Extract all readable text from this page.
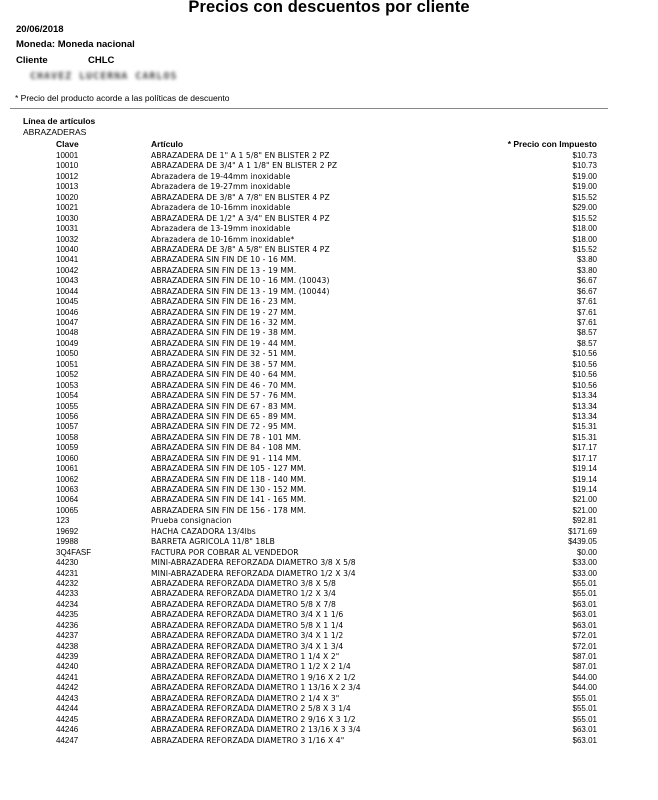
Precios con descuentos por cliente
20/06/2018
Moneda: Moneda nacional
Cliente	CHLC
CHAVEZ LUCERNA CARLOS
* Precio del producto acorde a las políticas de descuento
Línea de artículos
ABRAZADERAS
Clave	Artículo	* Precio con Impuesto
10001	ABRAZADERA DE 1" A 1 5/8" EN BLISTER 2 PZ	$10.73
10010	ABRAZADERA DE 3/4" A 1 1/8" EN BLISTER 2 PZ	$10.73
10012	Abrazadera de 19-44mm inoxidable	$19.00
10013	Abrazadera de 19-27mm inoxidable	$19.00
10020	ABRAZADERA DE 3/8" A 7/8" EN BLISTER 4 PZ	$15.52
10021	Abrazadera de 10-16mm inoxidable	$29.00
10030	ABRAZADERA DE 1/2" A 3/4" EN BLISTER 4 PZ	$15.52
10031	Abrazadera de 13-19mm inoxidable	$18.00
10032	Abrazadera de 10-16mm inoxidable*	$18.00
10040	ABRAZADERA DE 3/8" A 5/8" EN BLISTER 4 PZ	$15.52
10041	ABRAZADERA SIN FIN DE 10 - 16 MM.	$3.80
10042	ABRAZADERA SIN FIN DE 13 - 19 MM.	$3.80
10043	ABRAZADERA SIN FIN DE 10 - 16 MM. (10043)	$6.67
10044	ABRAZADERA SIN FIN DE 13 - 19 MM. (10044)	$6.67
10045	ABRAZADERA SIN FIN DE 16 - 23 MM.	$7.61
10046	ABRAZADERA SIN FIN DE 19 - 27 MM.	$7.61
10047	ABRAZADERA SIN FIN DE 16 - 32 MM.	$7.61
10048	ABRAZADERA SIN FIN DE 19 - 38 MM.	$8.57
10049	ABRAZADERA SIN FIN DE 19 - 44 MM.	$8.57
10050	ABRAZADERA SIN FIN DE 32 - 51 MM.	$10.56
10051	ABRAZADERA SIN FIN DE 38 - 57 MM.	$10.56
10052	ABRAZADERA SIN FIN DE 40 - 64 MM.	$10.56
10053	ABRAZADERA SIN FIN DE 46 - 70 MM.	$10.56
10054	ABRAZADERA SIN FIN DE 57 - 76 MM.	$13.34
10055	ABRAZADERA SIN FIN DE 67 - 83 MM.	$13.34
10056	ABRAZADERA SIN FIN DE 65 - 89 MM.	$13.34
10057	ABRAZADERA SIN FIN DE 72 - 95 MM.	$15.31
10058	ABRAZADERA SIN FIN DE 78 - 101 MM.	$15.31
10059	ABRAZADERA SIN FIN DE 84 - 108 MM.	$17.17
10060	ABRAZADERA SIN FIN DE 91 - 114 MM.	$17.17
10061	ABRAZADERA SIN FIN DE 105 - 127 MM.	$19.14
10062	ABRAZADERA SIN FIN DE 118 - 140 MM.	$19.14
10063	ABRAZADERA SIN FIN DE 130 - 152 MM.	$19.14
10064	ABRAZADERA SIN FIN DE 141 - 165 MM.	$21.00
10065	ABRAZADERA SIN FIN DE 156 - 178 MM.	$21.00
123	Prueba consignacion	$92.81
19692	HACHA CAZADORA 13/4lbs	$171.69
19988	BARRETA AGRICOLA 11/8" 18LB	$439.05
3Q4FASF	FACTURA POR COBRAR AL VENDEDOR	$0.00
44230	MINI-ABRAZADERA REFORZADA DIAMETRO 3/8 X 5/8	$33.00
44231	MINI-ABRAZADERA REFORZADA DIAMETRO 1/2 X 3/4	$33.00
44232	ABRAZADERA REFORZADA DIAMETRO 3/8 X 5/8	$55.01
44233	ABRAZADERA REFORZADA DIAMETRO 1/2 X 3/4	$55.01
44234	ABRAZADERA REFORZADA DIAMETRO 5/8 X 7/8	$63.01
44235	ABRAZADERA REFORZADA DIAMETRO 3/4 X 1 1/6	$63.01
44236	ABRAZADERA REFORZADA DIAMETRO 5/8 X 1 1/4	$63.01
44237	ABRAZADERA REFORZADA DIAMETRO 3/4 X 1 1/2	$72.01
44238	ABRAZADERA REFORZADA DIAMETRO 3/4 X 1 3/4	$72.01
44239	ABRAZADERA REFORZADA DIAMETRO 1 1/4 X 2"	$87.01
44240	ABRAZADERA REFORZADA DIAMETRO 1 1/2 X 2 1/4	$87.01
44241	ABRAZADERA REFORZADA DIAMETRO 1 9/16 X 2 1/2	$44.00
44242	ABRAZADERA REFORZADA DIAMETRO 1 13/16 X 2 3/4	$44.00
44243	ABRAZADERA REFORZADA DIAMETRO 2 1/4 X 3"	$55.01
44244	ABRAZADERA REFORZADA DIAMETRO 2 5/8 X 3 1/4	$55.01
44245	ABRAZADERA REFORZADA DIAMETRO 2 9/16 X 3 1/2	$55.01
44246	ABRAZADERA REFORZADA DIAMETRO 2 13/16 X 3 3/4	$63.01
44247	ABRAZADERA REFORZADA DIAMETRO 3 1/16 X 4"	$63.01
